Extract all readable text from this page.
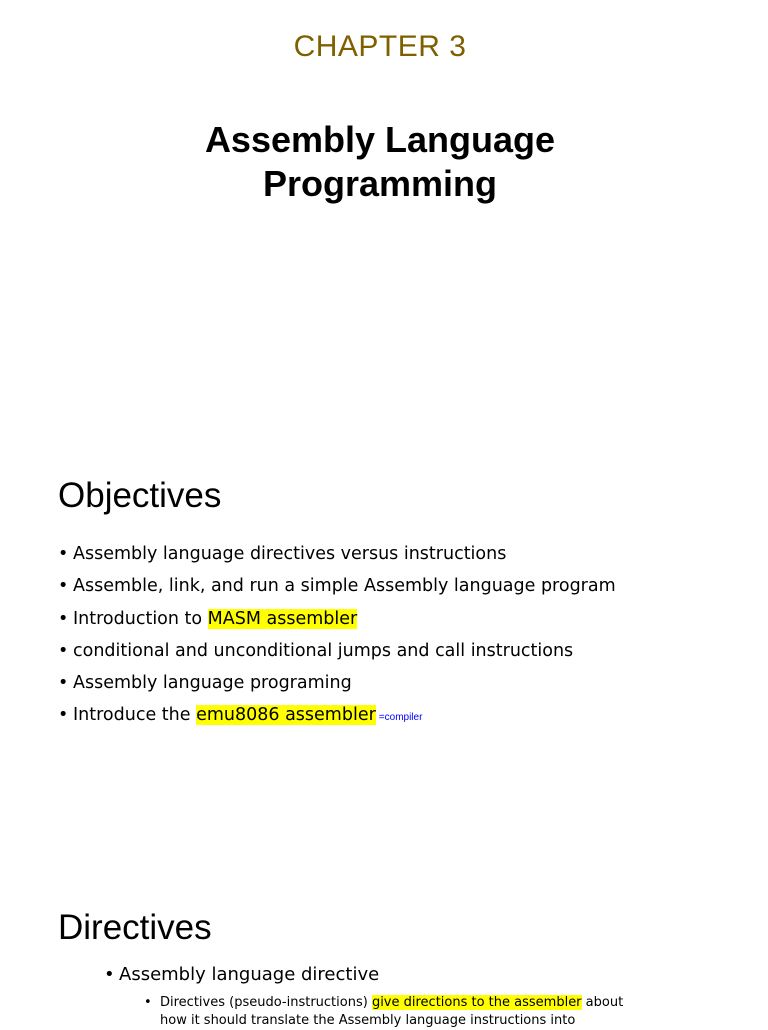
CHAPTER 3
Assembly Language
Programming
Objectives
• Assembly language directives versus instructions
• Assemble, link, and run a simple Assembly language program
• Introduction to MASM assembler
• conditional and unconditional jumps and call instructions
• Assembly language programing
• Introduce the emu8086 assembler =compiler
Directives
• Assembly language directive
• Directives (pseudo-instructions) give directions to the assembler about how it should translate the Assembly language instructions into
